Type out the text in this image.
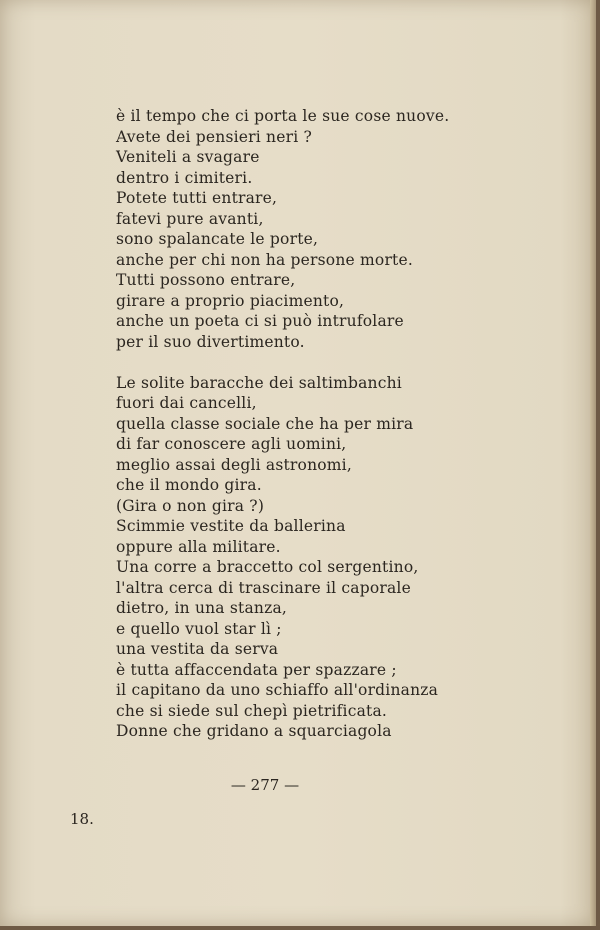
è il tempo che ci porta le sue cose nuove.
Avete dei pensieri neri ?
Veniteli a svagare
dentro i cimiteri.
Potete tutti entrare,
fatevi pure avanti,
sono spalancate le porte,
anche per chi non ha persone morte.
Tutti possono entrare,
girare a proprio piacimento,
anche un poeta ci si può intrufolare
per il suo divertimento.
Le solite baracche dei saltimbanchi
fuori dai cancelli,
quella classe sociale che ha per mira
di far conoscere agli uomini,
meglio assai degli astronomi,
che il mondo gira.
(Gira o non gira ?)
Scimmie vestite da ballerina
oppure alla militare.
Una corre a braccetto col sergentino,
l'altra cerca di trascinare il caporale
dietro, in una stanza,
e quello vuol star lì ;
una vestita da serva
è tutta affaccendata per spazzare ;
il capitano da uno schiaffo all'ordinanza
che si siede sul chepì pietrificata.
Donne che gridano a squarciagola
— 277 —
18.
